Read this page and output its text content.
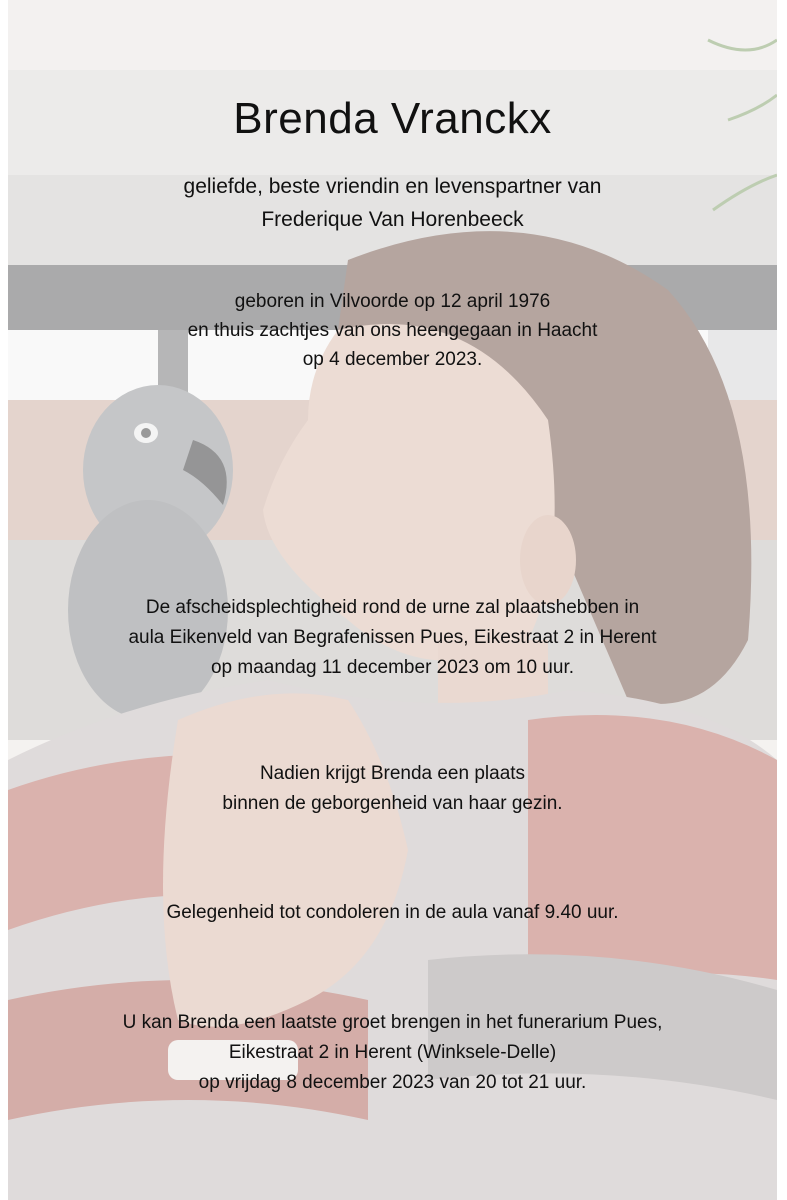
Brenda Vranckx

geliefde, beste vriendin en levenspartner van
Frederique Van Horenbeeck

geboren in Vilvoorde op 12 april 1976
en thuis zachtjes van ons heengegaan in Haacht
op 4 december 2023.

De afscheidsplechtigheid rond de urne zal plaatshebben in
aula Eikenveld van Begrafenissen Pues, Eikestraat 2 in Herent
op maandag 11 december 2023 om 10 uur.

Nadien krijgt Brenda een plaats
binnen de geborgenheid van haar gezin.

Gelegenheid tot condoleren in de aula vanaf 9.40 uur.

U kan Brenda een laatste groet brengen in het funerarium Pues,
Eikestraat 2 in Herent (Winksele-Delle)
op vrijdag 8 december 2023 van 20 tot 21 uur.
